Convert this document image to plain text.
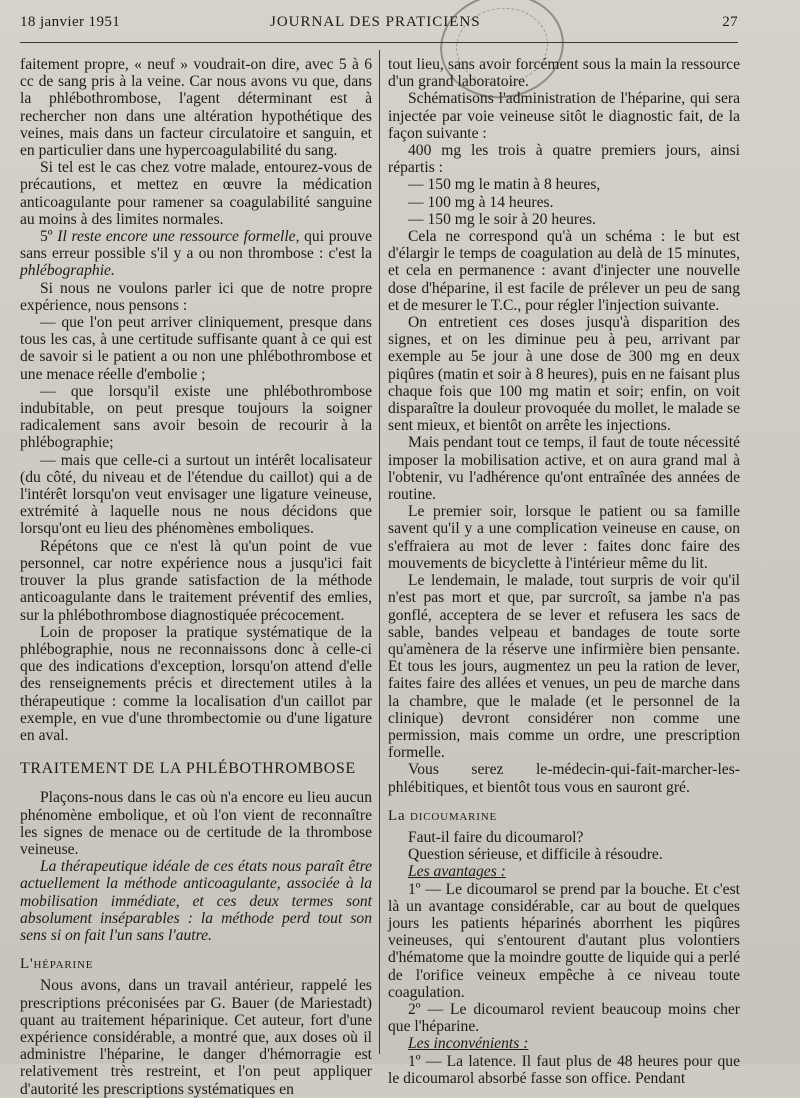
18 janvier 1951	JOURNAL DES PRATICIENS	27

faitement propre, « neuf » voudrait-on dire, avec 5 à 6 cc de sang pris à la veine. Car nous avons vu que, dans la phlébothrombose, l'agent déterminant est à rechercher non dans une altération hypothétique des veines, mais dans un facteur circulatoire et sanguin, et en particulier dans une hypercoagulabilité du sang.

Si tel est le cas chez votre malade, entourez-vous de précautions, et mettez en œuvre la médication anticoagulante pour ramener sa coagulabilité sanguine au moins à des limites normales.

5º Il reste encore une ressource formelle, qui prouve sans erreur possible s'il y a ou non thrombose : c'est la phlébographie.

Si nous ne voulons parler ici que de notre propre expérience, nous pensons :

— que l'on peut arriver cliniquement, presque dans tous les cas, à une certitude suffisante quant à ce qui est de savoir si le patient a ou non une phlébothrombose et une menace réelle d'embolie ;

— que lorsqu'il existe une phlébothrombose indubitable, on peut presque toujours la soigner radicalement sans avoir besoin de recourir à la phlébographie;

— mais que celle-ci a surtout un intérêt localisateur (du côté, du niveau et de l'étendue du caillot) qui a de l'intérêt lorsqu'on veut envisager une ligature veineuse, extrémité à laquelle nous ne nous décidons que lorsqu'ont eu lieu des phénomènes emboliques.

Répétons que ce n'est là qu'un point de vue personnel, car notre expérience nous a jusqu'ici fait trouver la plus grande satisfaction de la méthode anticoagulante dans le traitement préventif des emlies, sur la phlébothrombose diagnostiquée précocement.

Loin de proposer la pratique systématique de la phlébographie, nous ne reconnaissons donc à celle-ci que des indications d'exception, lorsqu'on attend d'elle des renseignements précis et directement utiles à la thérapeutique : comme la localisation d'un caillot par exemple, en vue d'une thrombectomie ou d'une ligature en aval.

TRAITEMENT DE LA PHLÉBOTHROMBOSE

Plaçons-nous dans le cas où n'a encore eu lieu aucun phénomène embolique, et où l'on vient de reconnaître les signes de menace ou de certitude de la thrombose veineuse.

La thérapeutique idéale de ces états nous paraît être actuellement la méthode anticoagulante, associée à la mobilisation immédiate, et ces deux termes sont absolument inséparables : la méthode perd tout son sens si on fait l'un sans l'autre.

L'héparine

Nous avons, dans un travail antérieur, rappelé les prescriptions préconisées par G. Bauer (de Mariestadt) quant au traitement héparinique. Cet auteur, fort d'une expérience considérable, a montré que, aux doses où il administre l'héparine, le danger d'hémorragie est relativement très restreint, et l'on peut appliquer d'autorité les prescriptions systématiques en

tout lieu, sans avoir forcément sous la main la ressource d'un grand laboratoire.

Schématisons l'administration de l'héparine, qui sera injectée par voie veineuse sitôt le diagnostic fait, de la façon suivante :

400 mg les trois à quatre premiers jours, ainsi répartis :

— 150 mg le matin à 8 heures,

— 100 mg à 14 heures.

— 150 mg le soir à 20 heures.

Cela ne correspond qu'à un schéma : le but est d'élargir le temps de coagulation au delà de 15 minutes, et cela en permanence : avant d'injecter une nouvelle dose d'héparine, il est facile de prélever un peu de sang et de mesurer le T.C., pour régler l'injection suivante.

On entretient ces doses jusqu'à disparition des signes, et on les diminue peu à peu, arrivant par exemple au 5e jour à une dose de 300 mg en deux piqûres (matin et soir à 8 heures), puis en ne faisant plus chaque fois que 100 mg matin et soir; enfin, on voit disparaître la douleur provoquée du mollet, le malade se sent mieux, et bientôt on arrête les injections.

Mais pendant tout ce temps, il faut de toute nécessité imposer la mobilisation active, et on aura grand mal à l'obtenir, vu l'adhérence qu'ont entraînée des années de routine.

Le premier soir, lorsque le patient ou sa famille savent qu'il y a une complication veineuse en cause, on s'effraiera au mot de lever : faites donc faire des mouvements de bicyclette à l'intérieur même du lit.

Le lendemain, le malade, tout surpris de voir qu'il n'est pas mort et que, par surcroît, sa jambe n'a pas gonflé, acceptera de se lever et refusera les sacs de sable, bandes velpeau et bandages de toute sorte qu'amènera de la réserve une infirmière bien pensante. Et tous les jours, augmentez un peu la ration de lever, faites faire des allées et venues, un peu de marche dans la chambre, que le malade (et le personnel de la clinique) devront considérer non comme une permission, mais comme un ordre, une prescription formelle.

Vous serez le-médecin-qui-fait-marcher-les-phlébitiques, et bientôt tous vous en sauront gré.

La dicoumarine

Faut-il faire du dicoumarol?

Question sérieuse, et difficile à résoudre.

Les avantages :

1º — Le dicoumarol se prend par la bouche. Et c'est là un avantage considérable, car au bout de quelques jours les patients héparinés aborrhent les piqûres veineuses, qui s'entourent d'autant plus volontiers d'hématome que la moindre goutte de liquide qui a perlé de l'orifice veineux empêche à ce niveau toute coagulation.

2º — Le dicoumarol revient beaucoup moins cher que l'héparine.

Les inconvénients :

1º — La latence. Il faut plus de 48 heures pour que le dicoumarol absorbé fasse son office. Pendant
